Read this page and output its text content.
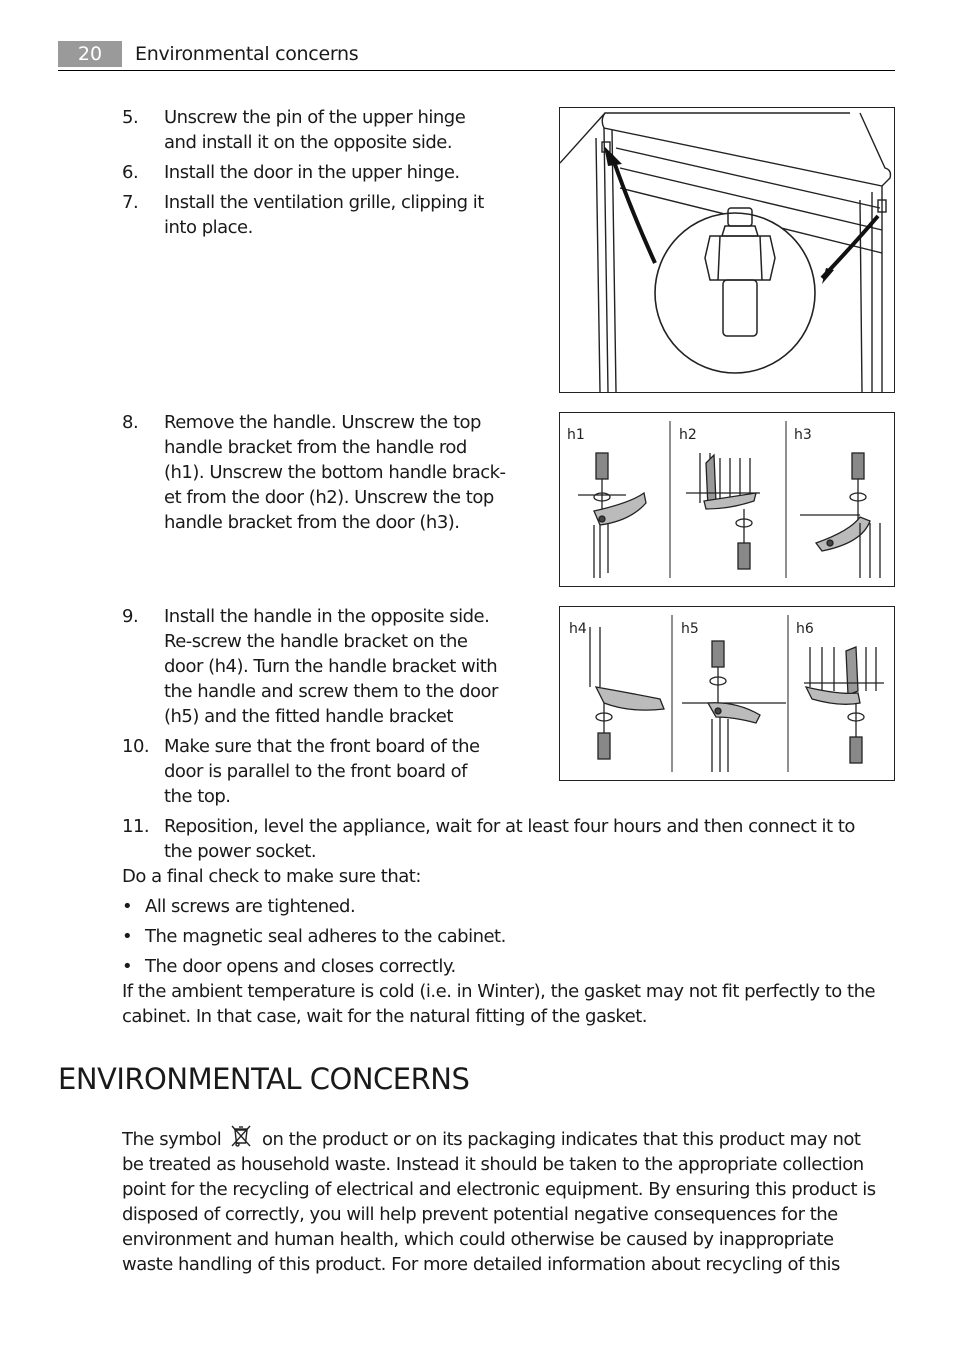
20	Environmental concerns
5. Unscrew the pin of the upper hinge
and install it on the opposite side.
6. Install the door in the upper hinge.
7. Install the ventilation grille, clipping it
into place.
8. Remove the handle. Unscrew the top
handle bracket from the handle rod
(h1). Unscrew the bottom handle brack-
et from the door (h2). Unscrew the top
handle bracket from the door (h3).
h1	h2	h3
9. Install the handle in the opposite side.
Re-screw the handle bracket on the
door (h4). Turn the handle bracket with
the handle and screw them to the door
(h5) and the fitted handle bracket
h4	h5	h6
10. Make sure that the front board of the
door is parallel to the front board of
the top.
11. Reposition, level the appliance, wait for at least four hours and then connect it to
the power socket.
Do a final check to make sure that:
• All screws are tightened.
• The magnetic seal adheres to the cabinet.
• The door opens and closes correctly.
If the ambient temperature is cold (i.e. in Winter), the gasket may not fit perfectly to the
cabinet. In that case, wait for the natural fitting of the gasket.
ENVIRONMENTAL CONCERNS
The symbol on the product or on its packaging indicates that this product may not
be treated as household waste. Instead it should be taken to the appropriate collection
point for the recycling of electrical and electronic equipment. By ensuring this product is
disposed of correctly, you will help prevent potential negative consequences for the
environment and human health, which could otherwise be caused by inappropriate
waste handling of this product. For more detailed information about recycling of this
